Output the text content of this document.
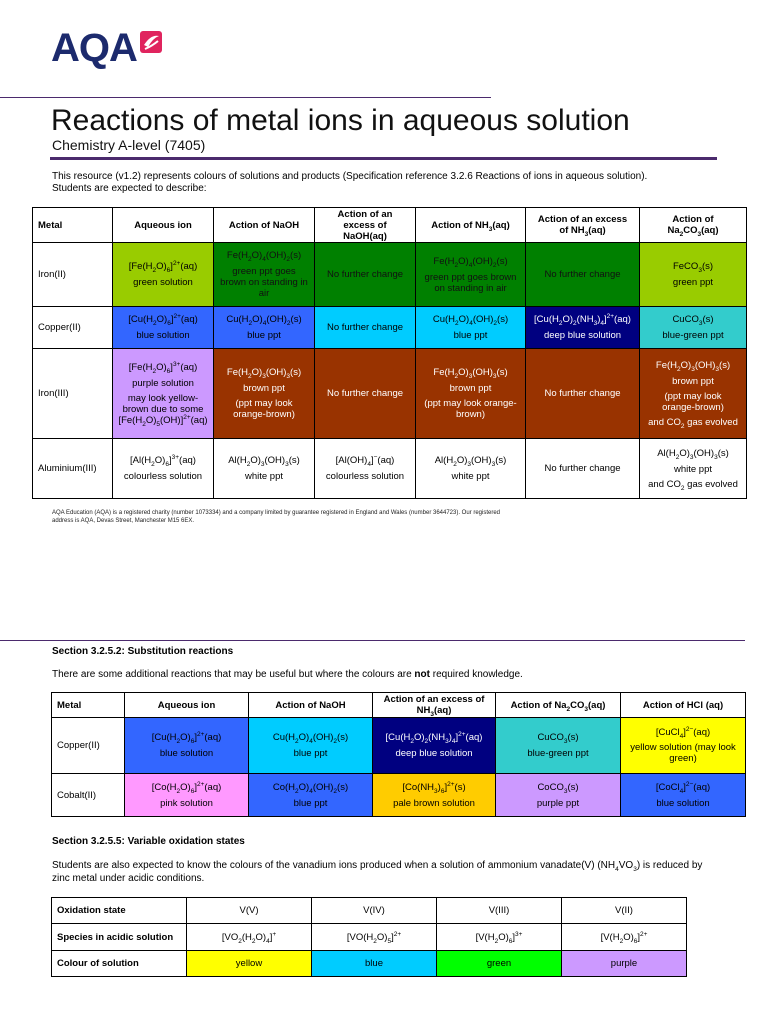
AQA
Reactions of metal ions in aqueous solution
Chemistry A-level (7405)
This resource (v1.2) represents colours of solutions and products (Specification reference 3.2.6 Reactions of ions in aqueous solution).
Students are expected to describe:
Metal	Aqueous ion	Action of NaOH	Action of an
excess of
NaOH(aq)	Action of $NH_3(aq)$	Action of an excess
of $NH_3(aq)$	Action of
$Na_2CO_3(aq)$

Iron(II)	$[Fe(H_2O)_6]^{2+}(aq)$
green solution	$Fe(H_2O)_4(OH)_2(s)$
green ppt goes
brown on standing in
air	No further change	$Fe(H_2O)_4(OH)_2(s)$
green ppt goes brown
on standing in air	No further change	FeCO$_3$(s)
green ppt

Copper(II)	$[Cu(H_2O)_6]^{2+}(aq)$
blue solution	$Cu(H_2O)_4(OH)_2(s)$
blue ppt	No further change	$Cu(H_2O)_4(OH)_2(s)$
blue ppt	$[Cu(H_2O)_2(NH_3)_4]^{2+}(aq)$
deep blue solution	CuCO$_3$(s)
blue-green ppt

Iron(III)	$[Fe(H_2O)_6]^{3+}(aq)$
purple solution
may look yellow-
brown due to some
$[Fe(H_2O)_5(OH)]^{2+}(aq)$	$Fe(H_2O)_3(OH)_3(s)$
brown ppt
(ppt may look
orange-brown)	No further change	$Fe(H_2O)_3(OH)_3(s)$
brown ppt
(ppt may look orange-
brown)	No further change	$Fe(H_2O)_3(OH)_3(s)$
brown ppt
(ppt may look
orange-brown)
and $CO_2$ gas evolved

Aluminium(III)	$[Al(H_2O)_6]^{3+}(aq)$
colourless solution	$Al(H_2O)_3(OH)_3(s)$
white ppt	$[Al(OH)_4]^-(aq)$
colourless solution	$Al(H_2O)_3(OH)_3(s)$
white ppt	No further change	$Al(H_2O)_3(OH)_3(s)$
white ppt
and $CO_2$ gas evolved
AQA Education (AQA) is a registered charity (number 1073334) and a company limited by guarantee registered in England and Wales (number 3644723). Our registered
address is AQA, Devas Street, Manchester M15 6EX.
Section 3.2.5.2: Substitution reactions
There are some additional reactions that may be useful but where the colours are not required knowledge.
Metal	Aqueous ion	Action of NaOH	Action of an excess of
$NH_3(aq)$	Action of $Na_2CO_3(aq)$	Action of HCl (aq)
Copper(II)	$[Cu(H_2O)_6]^{2+}(aq)$
blue solution	$Cu(H_2O)_4(OH)_2(s)$
blue ppt	$[Cu(H_2O)_2(NH_3)_4]^{2+}(aq)$
deep blue solution	CuCO$_3$(s)
blue-green ppt	[CuCl$_4$]$^{2-}$(aq)
yellow solution (may look
green)

Cobalt(II)	$[Co(H_2O)_6]^{2+}(aq)$
pink solution	$Co(H_2O)_4(OH)_2(s)$
blue ppt	$[Co(NH_3)_6]^{2+}(s)$
pale brown solution	CoCO$_3$(s)
purple ppt	[CoCl$_4$]$^{2-}$(aq)
blue solution
Section 3.2.5.5: Variable oxidation states
Students are also expected to know the colours of the vanadium ions produced when a solution of ammonium vanadate(V) $(NH_4VO_3)$ is reduced by
zinc metal under acidic conditions.
Oxidation state	V(V)	V(IV)	V(III)	V(II)
Species in acidic solution	$[VO_2(H_2O)_4]^+$	$[VO(H_2O)_5]^{2+}$	$[V(H_2O)_6]^{3+}$	$[V(H_2O)_6]^{2+}$
Colour of solution	yellow	blue	green	purple
